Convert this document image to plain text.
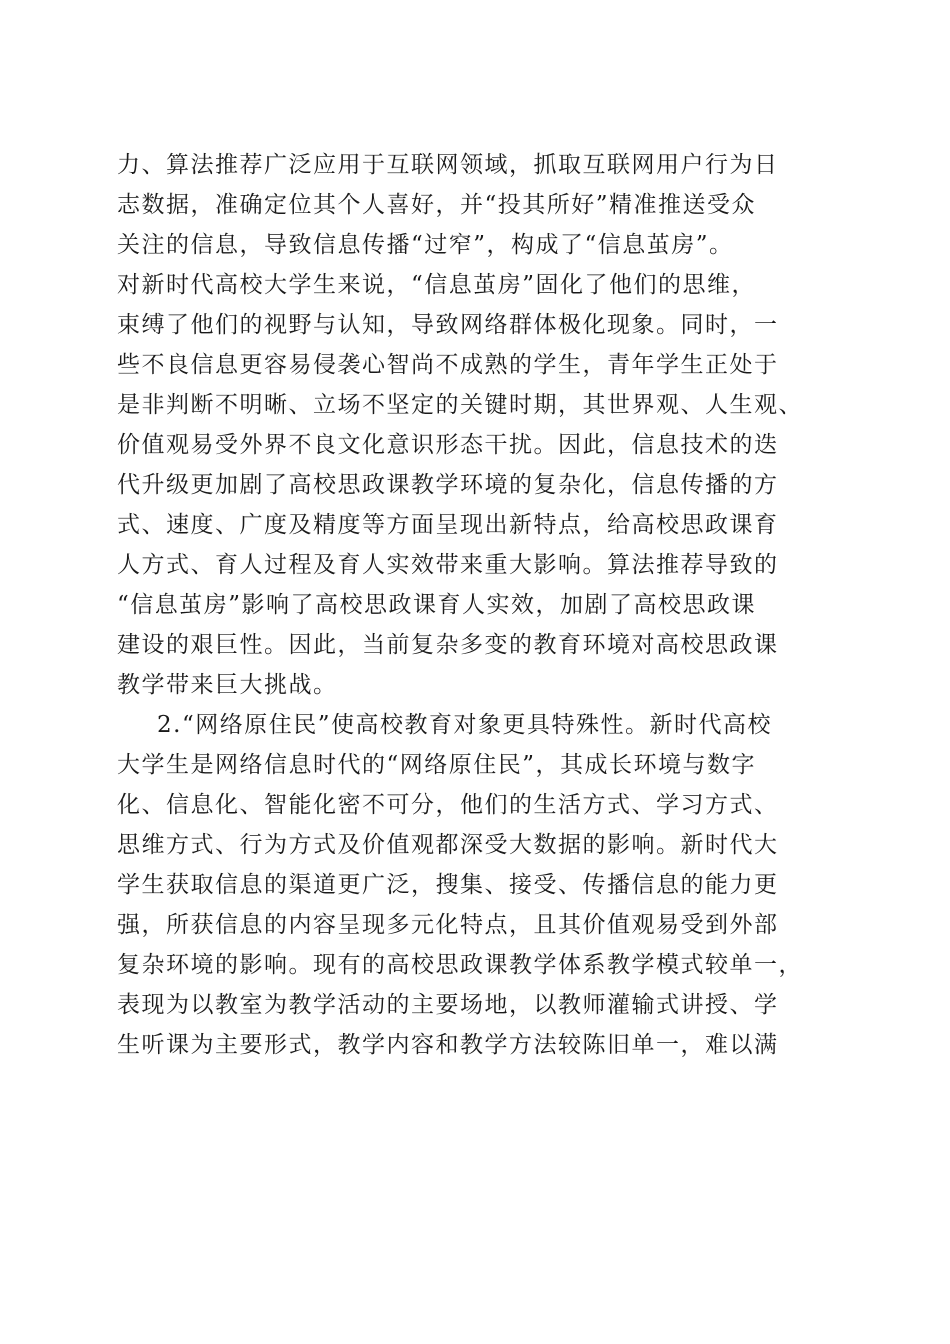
力、算法推荐广泛应用于互联网领域，抓取互联网用户行为日
志数据，准确定位其个人喜好，并“投其所好”精准推送受众
关注的信息，导致信息传播“过窄”，构成了“信息茧房”。
对新时代高校大学生来说，“信息茧房”固化了他们的思维，
束缚了他们的视野与认知，导致网络群体极化现象。同时，一
些不良信息更容易侵袭心智尚不成熟的学生，青年学生正处于
是非判断不明晰、立场不坚定的关键时期，其世界观、人生观、
价值观易受外界不良文化意识形态干扰。因此，信息技术的迭
代升级更加剧了高校思政课教学环境的复杂化，信息传播的方
式、速度、广度及精度等方面呈现出新特点，给高校思政课育
人方式、育人过程及育人实效带来重大影响。算法推荐导致的
“信息茧房”影响了高校思政课育人实效，加剧了高校思政课
建设的艰巨性。因此，当前复杂多变的教育环境对高校思政课
教学带来巨大挑战。
2.“网络原住民”使高校教育对象更具特殊性。新时代高校
大学生是网络信息时代的“网络原住民”，其成长环境与数字
化、信息化、智能化密不可分，他们的生活方式、学习方式、
思维方式、行为方式及价值观都深受大数据的影响。新时代大
学生获取信息的渠道更广泛，搜集、接受、传播信息的能力更
强，所获信息的内容呈现多元化特点，且其价值观易受到外部
复杂环境的影响。现有的高校思政课教学体系教学模式较单一，
表现为以教室为教学活动的主要场地，以教师灌输式讲授、学
生听课为主要形式，教学内容和教学方法较陈旧单一，难以满
